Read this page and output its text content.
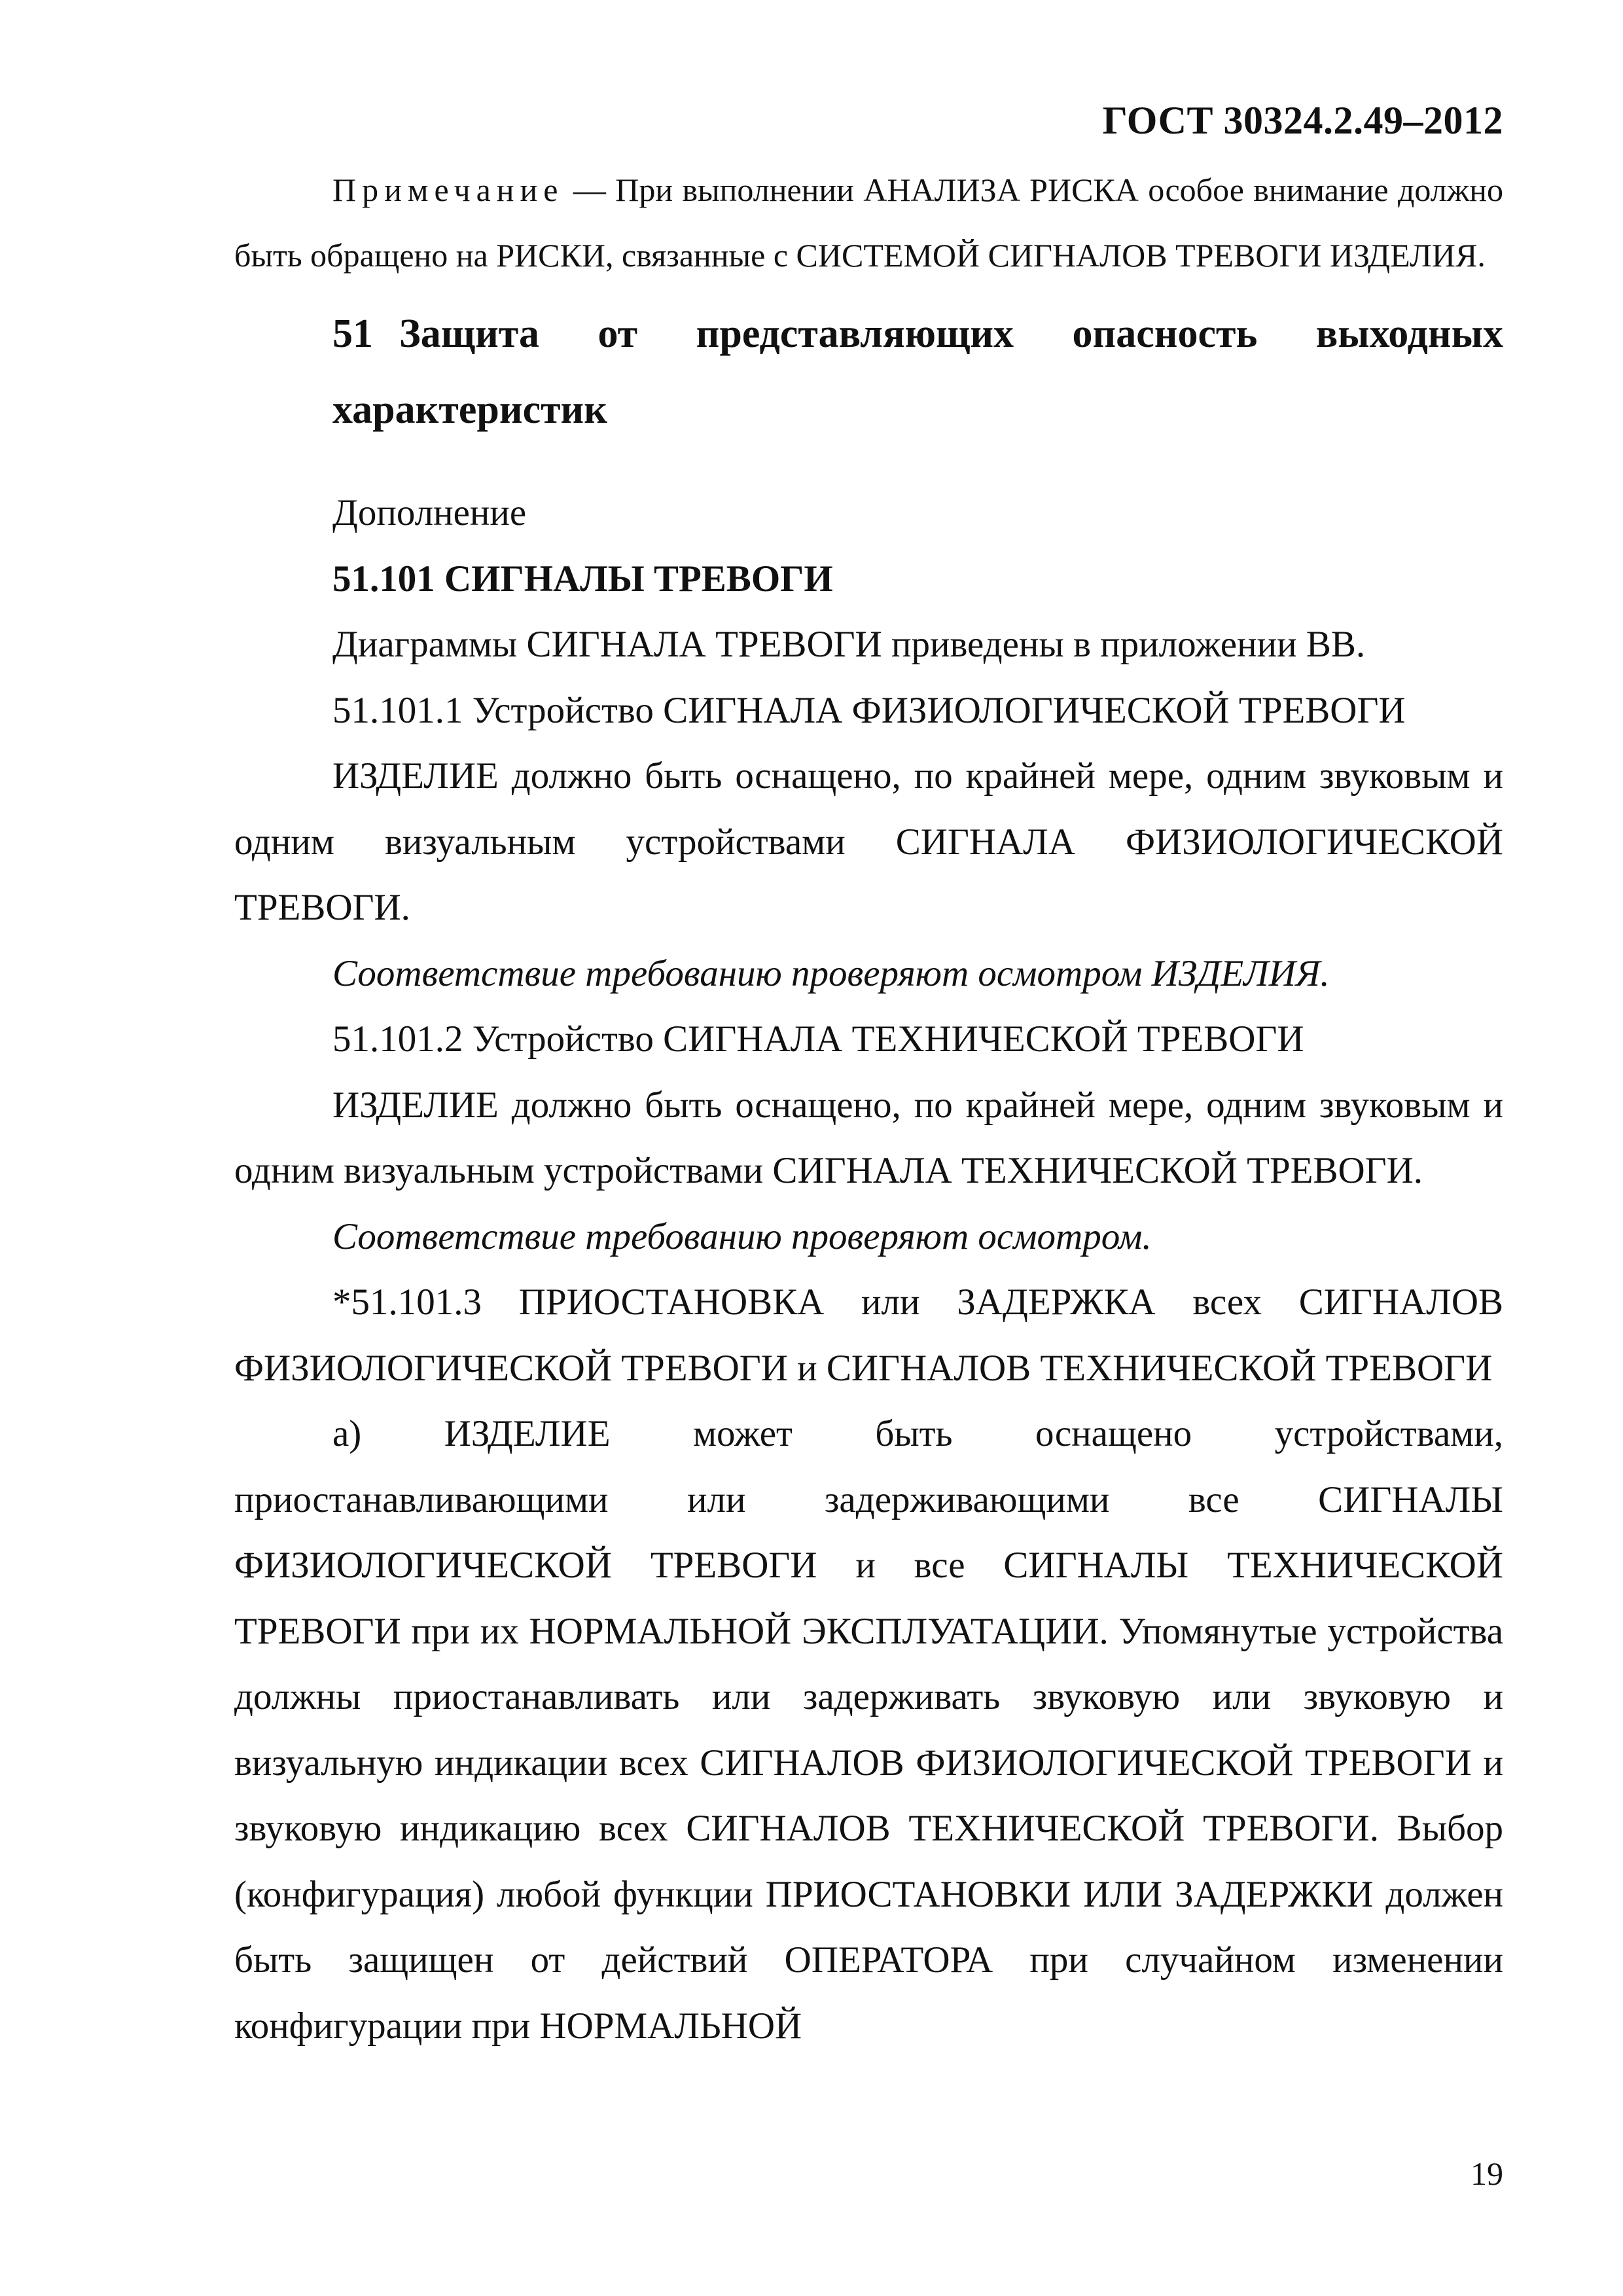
ГОСТ 30324.2.49–2012
Примечание — При выполнении АНАЛИЗА РИСКА особое внимание должно быть обращено на РИСКИ, связанные с СИСТЕМОЙ СИГНАЛОВ ТРЕВОГИ ИЗДЕЛИЯ.
51 Защита от представляющих опасность выходных характеристик

Дополнение

51.101 СИГНАЛЫ ТРЕВОГИ

Диаграммы СИГНАЛА ТРЕВОГИ приведены в приложении ВВ.

51.101.1 Устройство СИГНАЛА ФИЗИОЛОГИЧЕСКОЙ ТРЕВОГИ

ИЗДЕЛИЕ должно быть оснащено, по крайней мере, одним звуковым и одним визуальным устройствами СИГНАЛА ФИЗИОЛОГИЧЕСКОЙ ТРЕВОГИ.

Соответствие требованию проверяют осмотром ИЗДЕЛИЯ.

51.101.2 Устройство СИГНАЛА ТЕХНИЧЕСКОЙ ТРЕВОГИ

ИЗДЕЛИЕ должно быть оснащено, по крайней мере, одним звуковым и одним визуальным устройствами СИГНАЛА ТЕХНИЧЕСКОЙ ТРЕВОГИ.

Соответствие требованию проверяют осмотром.

*51.101.3 ПРИОСТАНОВКА или ЗАДЕРЖКА всех СИГНАЛОВ ФИЗИОЛОГИЧЕСКОЙ ТРЕВОГИ и СИГНАЛОВ ТЕХНИЧЕСКОЙ ТРЕВОГИ

а) ИЗДЕЛИЕ может быть оснащено устройствами, приостанавливающими или задерживающими все СИГНАЛЫ ФИЗИОЛОГИЧЕСКОЙ ТРЕВОГИ и все СИГНАЛЫ ТЕХНИЧЕСКОЙ ТРЕВОГИ при их НОРМАЛЬНОЙ ЭКСПЛУАТАЦИИ. Упомянутые устройства должны приостанавливать или задерживать звуковую или звуковую и визуальную индикации всех СИГНАЛОВ ФИЗИОЛОГИЧЕСКОЙ ТРЕВОГИ и звуковую индикацию всех СИГНАЛОВ ТЕХНИЧЕСКОЙ ТРЕВОГИ. Выбор (конфигурация) любой функции ПРИОСТАНОВКИ ИЛИ ЗАДЕРЖКИ должен быть защищен от действий ОПЕРАТОРА при случайном изменении конфигурации при НОРМАЛЬНОЙ

19
